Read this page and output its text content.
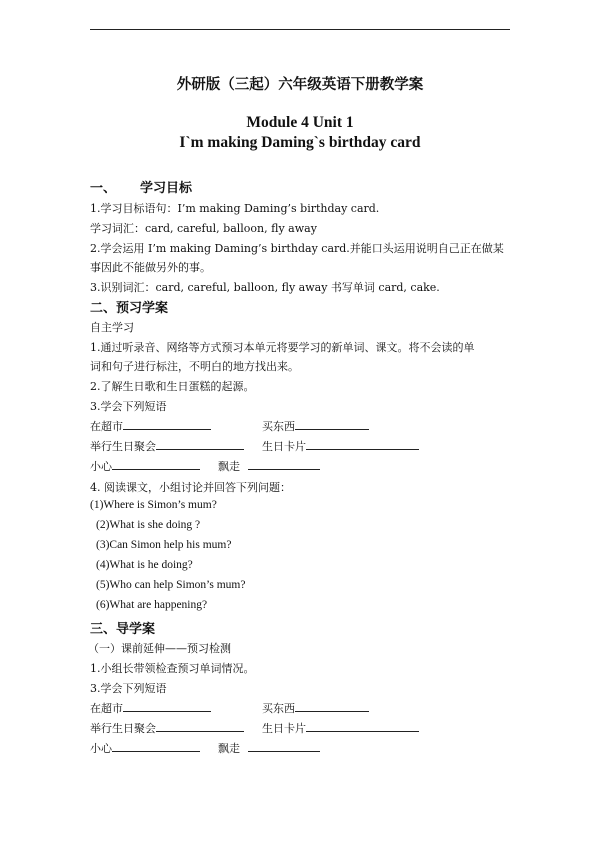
外研版（三起）六年级英语下册教学案
Module 4 Unit 1
I`m making Daming`s birthday card
一、 学习目标
1.学习目标语句：I’m making Daming’s birthday card.
学习词汇：card, careful, balloon, fly away
2.学会运用 I’m making Daming’s birthday card.并能口头运用说明自己正在做某
事因此不能做另外的事。
3.识别词汇：card, careful, balloon, fly away 书写单词 card, cake.
二、预习学案
自主学习
1.通过听录音、网络等方式预习本单元将要学习的新单词、课文。将不会读的单
词和句子进行标注，不明白的地方找出来。
2.了解生日歌和生日蛋糕的起源。
3.学会下列短语
在超市	买东西
举行生日聚会	生日卡片
小心	飘走
4. 阅读课文，小组讨论并回答下列问题：
(1)Where is Simon’s mum?
(2)What is she doing ?
(3)Can Simon help his mum?
(4)What is he doing?
(5)Who can help Simon’s mum?
(6)What are happening?
三、导学案
（一）课前延伸——预习检测
1.小组长带领检查预习单词情况。
3.学会下列短语
在超市	买东西
举行生日聚会	生日卡片
小心	飘走
